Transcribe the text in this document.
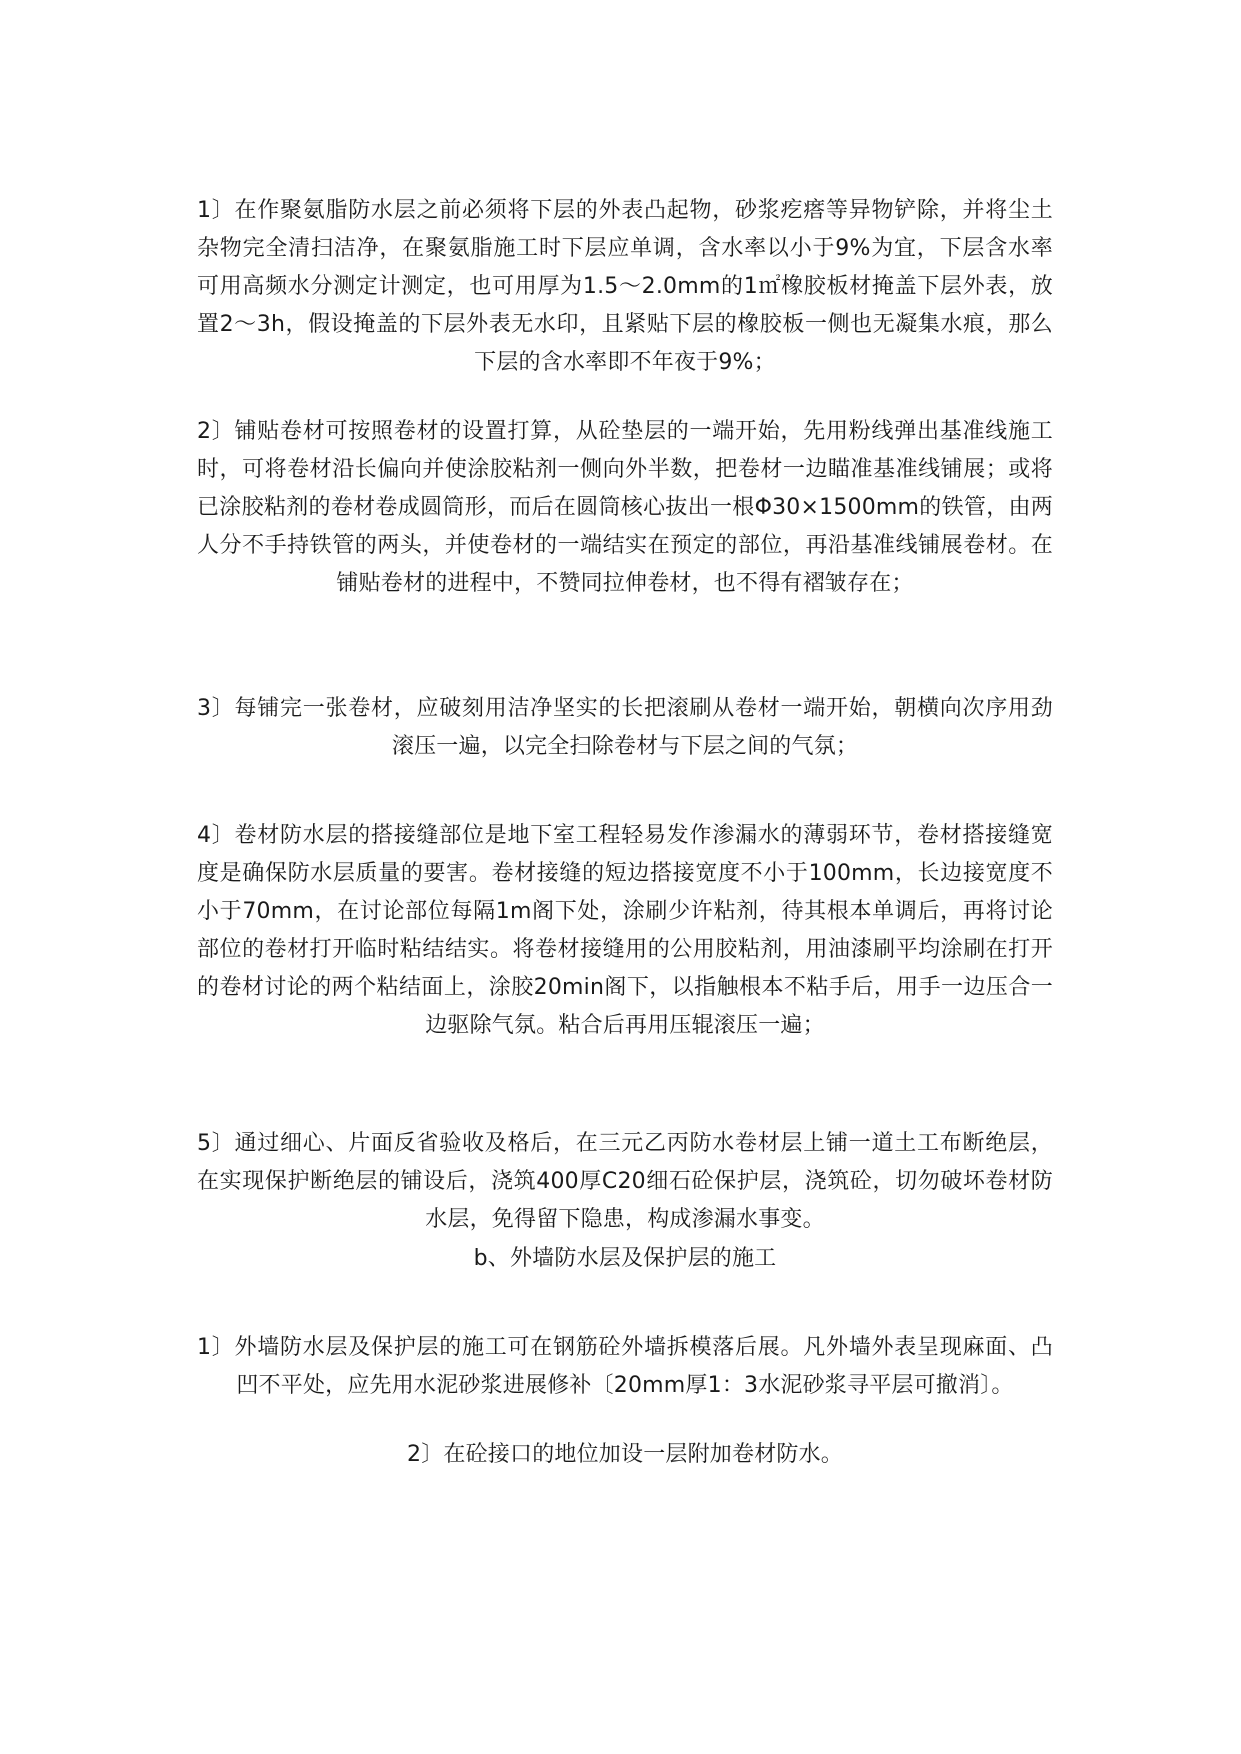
1〕在作聚氨脂防水层之前必须将下层的外表凸起物，砂浆疙瘩等异物铲除，并将尘土杂物完全清扫洁净，在聚氨脂施工时下层应单调，含水率以小于9%为宜，下层含水率可用高频水分测定计测定，也可用厚为1.5～2.0mm的1㎡橡胶板材掩盖下层外表，放置2～3h，假设掩盖的下层外表无水印，且紧贴下层的橡胶板一侧也无凝集水痕，那么下层的含水率即不年夜于9%；

2〕铺贴卷材可按照卷材的设置打算，从砼垫层的一端开始，先用粉线弹出基准线施工时，可将卷材沿长偏向并使涂胶粘剂一侧向外半数，把卷材一边瞄准基准线铺展；或将已涂胶粘剂的卷材卷成圆筒形，而后在圆筒核心抜出一根Φ30×1500mm的铁管，由两人分不手持铁管的两头，并使卷材的一端结实在预定的部位，再沿基准线铺展卷材。在铺贴卷材的进程中，不赞同拉伸卷材，也不得有褶皱存在；

3〕每铺完一张卷材，应破刻用洁净坚实的长把滚刷从卷材一端开始，朝横向次序用劲滚压一遍，以完全扫除卷材与下层之间的气氛；

4〕卷材防水层的搭接缝部位是地下室工程轻易发作渗漏水的薄弱环节，卷材搭接缝宽度是确保防水层质量的要害。卷材接缝的短边搭接宽度不小于100mm，长边接宽度不小于70mm，在讨论部位每隔1m阁下处，涂刷少许粘剂，待其根本单调后，再将讨论部位的卷材打开临时粘结结实。将卷材接缝用的公用胶粘剂，用油漆刷平均涂刷在打开的卷材讨论的两个粘结面上，涂胶20min阁下，以指触根本不粘手后，用手一边压合一边驱除气氛。粘合后再用压辊滚压一遍；

5〕通过细心、片面反省验收及格后，在三元乙丙防水卷材层上铺一道土工布断绝层，在实现保护断绝层的铺设后，浇筑400厚C20细石砼保护层，浇筑砼，切勿破坏卷材防水层，免得留下隐患，构成渗漏水事变。

b、外墙防水层及保护层的施工

1〕外墙防水层及保护层的施工可在钢筋砼外墙拆模落后展。凡外墙外表呈现麻面、凸凹不平处，应先用水泥砂浆进展修补〔20mm厚1：3水泥砂浆寻平层可撤消〕。

2〕在砼接口的地位加设一层附加卷材防水。
